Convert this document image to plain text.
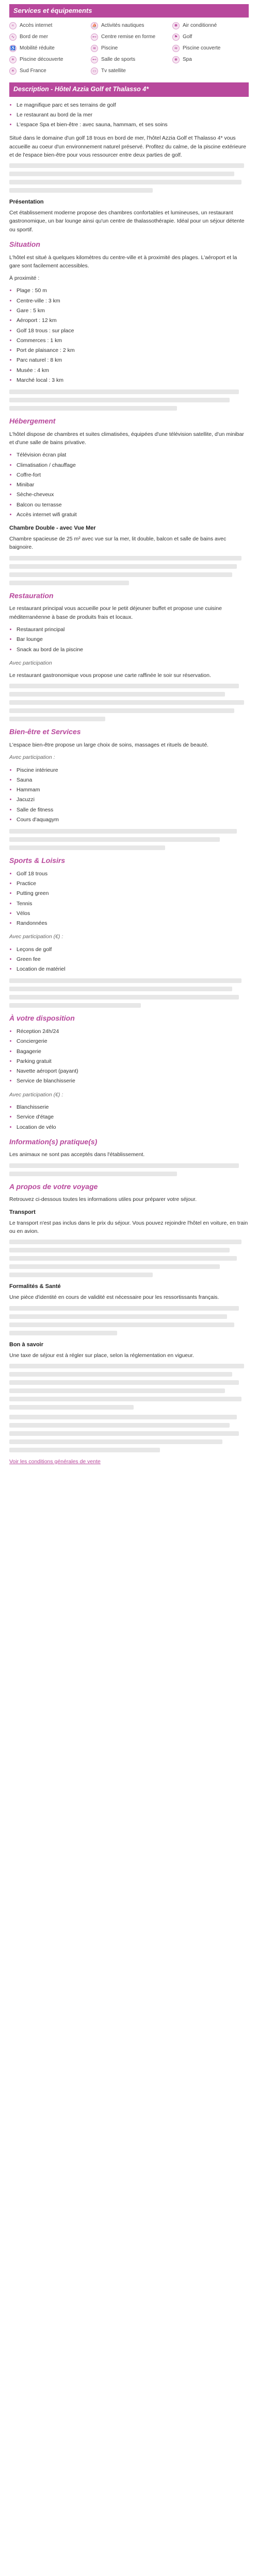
Services et équipements
≈	Accès internet	⛵ Activités nautiques	✱ Air conditionné
∿ Bord de mer	⊷ Centre remise en forme	⚑ Golf
♿ Mobilité réduite	≋ Piscine	≋ Piscine couverte
☀ Piscine découverte	⊷ Salle de sports	❀ Spa
☀ Sud France	▭ Tv satellite
Description - Hôtel Azzia Golf et Thalasso 4*
• Le magnifique parc et ses terrains de golf
• Le restaurant au bord de la mer
• L'espace Spa et bien-être : avec sauna, hammam, et ses soins

Situé dans le domaine d'un golf 18 trous en bord de mer, l'hôtel Azzia Golf et Thalasso 4* vous accueille au coeur d'un environnement naturel préservé. Profitez du calme, de la piscine extérieure et de l'espace bien-être pour vous ressourcer entre deux parties de golf.

Présentation

Cet établissement moderne propose des chambres confortables et lumineuses, un restaurant gastronomique, un bar lounge ainsi qu'un centre de thalassothérapie. Idéal pour un séjour détente ou sportif.

Situation

L'hôtel est situé à quelques kilomètres du centre-ville et à proximité des plages. L'aéroport et la gare sont facilement accessibles.

À proximité :

• Plage : 50 m
• Centre-ville : 3 km
• Gare : 5 km
• Aéroport : 12 km
• Golf 18 trous : sur place
• Commerces : 1 km
• Port de plaisance : 2 km
• Parc naturel : 8 km
• Musée : 4 km
• Marché local : 3 km
Hébergement

L'hôtel dispose de chambres et suites climatisées, équipées d'une télévision satellite, d'un minibar et d'une salle de bains privative.

• Télévision écran plat
• Climatisation / chauffage
• Coffre-fort
• Minibar
• Sèche-cheveux
• Balcon ou terrasse
• Accès internet wifi gratuit
Chambre Double - avec Vue Mer

Chambre spacieuse de 25 m² avec vue sur la mer, lit double, balcon et salle de bains avec baignoire.

Restauration

Le restaurant principal vous accueille pour le petit déjeuner buffet et propose une cuisine méditerranéenne à base de produits frais et locaux.

• Restaurant principal
• Bar lounge
• Snack au bord de la piscine

Avec participation

Le restaurant gastronomique vous propose une carte raffinée le soir sur réservation.

Bien-être et Services

L'espace bien-être propose un large choix de soins, massages et rituels de beauté.

Avec participation :

• Piscine intérieure
• Sauna
• Hammam
• Jacuzzi
• Salle de fitness
• Cours d'aquagym
Sports & Loisirs
• Golf 18 trous
• Practice
• Putting green
• Tennis
• Vélos
• Randonnées

Avec participation (€) :

• Leçons de golf
• Green fee
• Location de matériel
À votre disposition
• Réception 24h/24
• Conciergerie
• Bagagerie
• Parking gratuit
• Navette aéroport (payant)
• Service de blanchisserie

Avec participation (€) :

• Blanchisserie
• Service d'étage
• Location de vélo
Information(s) pratique(s)

Les animaux ne sont pas acceptés dans l'établissement.

A propos de votre voyage

Retrouvez ci-dessous toutes les informations utiles pour préparer votre séjour.

Transport

Le transport n'est pas inclus dans le prix du séjour. Vous pouvez rejoindre l'hôtel en voiture, en train ou en avion.

Formalités & Santé

Une pièce d'identité en cours de validité est nécessaire pour les ressortissants français.

Bon à savoir

Une taxe de séjour est à régler sur place, selon la réglementation en vigueur.

Voir les conditions générales de vente
